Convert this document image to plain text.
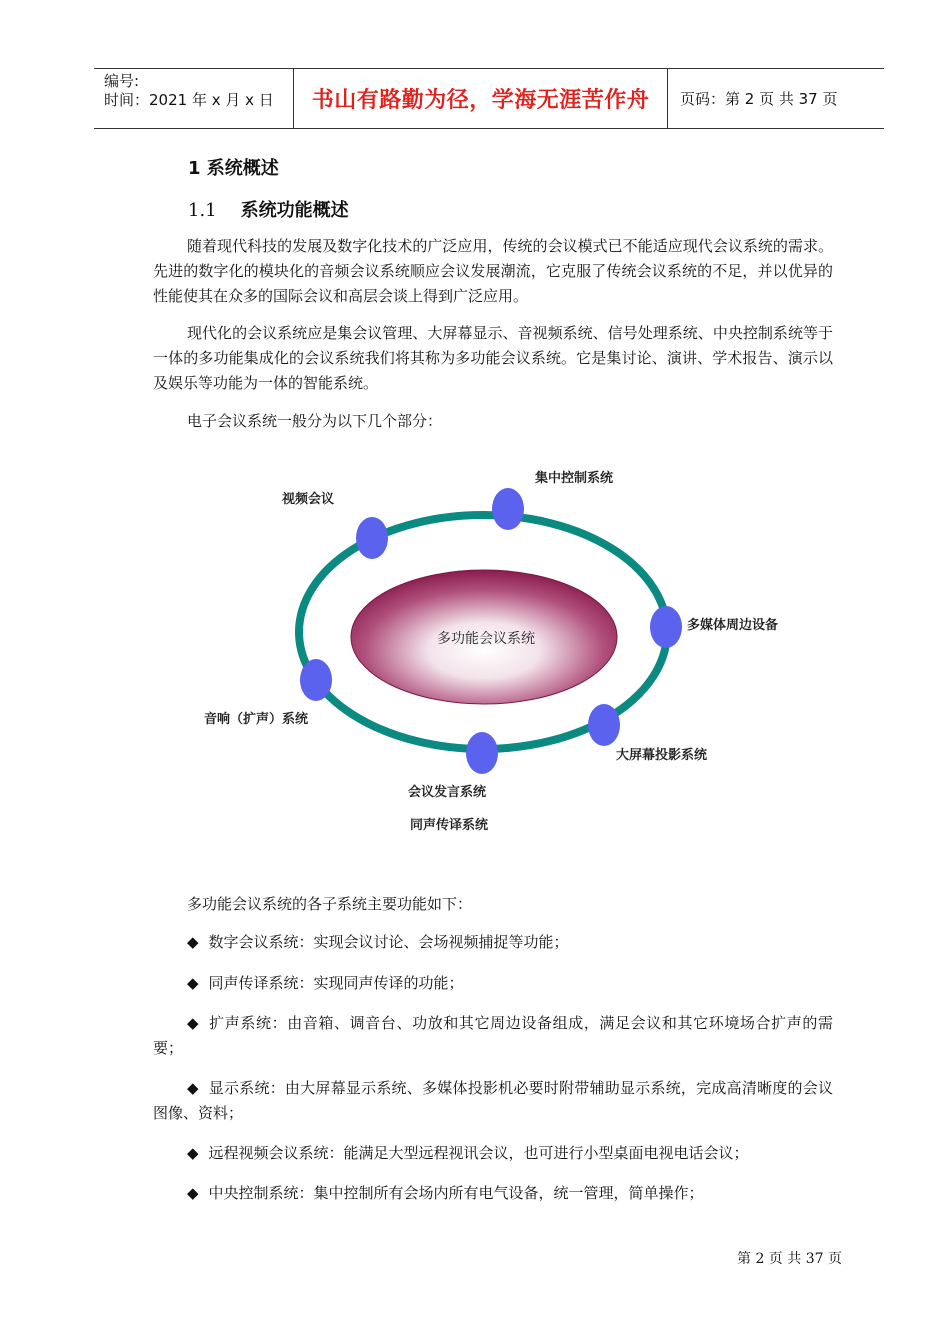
编号:
时间：2021 年 x 月 x 日 书山有路勤为径，学海无涯苦作舟 页码：第 2 页 共 37 页
1 系统概述
1.1 系统功能概述
随着现代科技的发展及数字化技术的广泛应用，传统的会议模式已不能适应现代会议系统的需求。先进的数字化的模块化的音频会议系统顺应会议发展潮流，它克服了传统会议系统的不足，并以优异的性能使其在众多的国际会议和高层会谈上得到广泛应用。
现代化的会议系统应是集会议管理、大屏幕显示、音视频系统、信号处理系统、中央控制系统等于一体的多功能集成化的会议系统我们将其称为多功能会议系统。它是集讨论、演讲、学术报告、演示以及娱乐等功能为一体的智能系统。
电子会议系统一般分为以下几个部分：
多功能会议系统
集中控制系统
视频会议
多媒体周边设备
音响（扩声）系统
大屏幕投影系统
会议发言系统
同声传译系统
多功能会议系统的各子系统主要功能如下：
◆ 数字会议系统：实现会议讨论、会场视频捕捉等功能；
◆ 同声传译系统：实现同声传译的功能；
◆ 扩声系统：由音箱、调音台、功放和其它周边设备组成，满足会议和其它环境场合扩声的需要；
◆ 显示系统：由大屏幕显示系统、多媒体投影机必要时附带辅助显示系统，完成高清晰度的会议图像、资料；
◆ 远程视频会议系统：能满足大型远程视讯会议，也可进行小型桌面电视电话会议；
◆ 中央控制系统：集中控制所有会场内所有电气设备，统一管理，简单操作；
第 2 页 共 37 页
